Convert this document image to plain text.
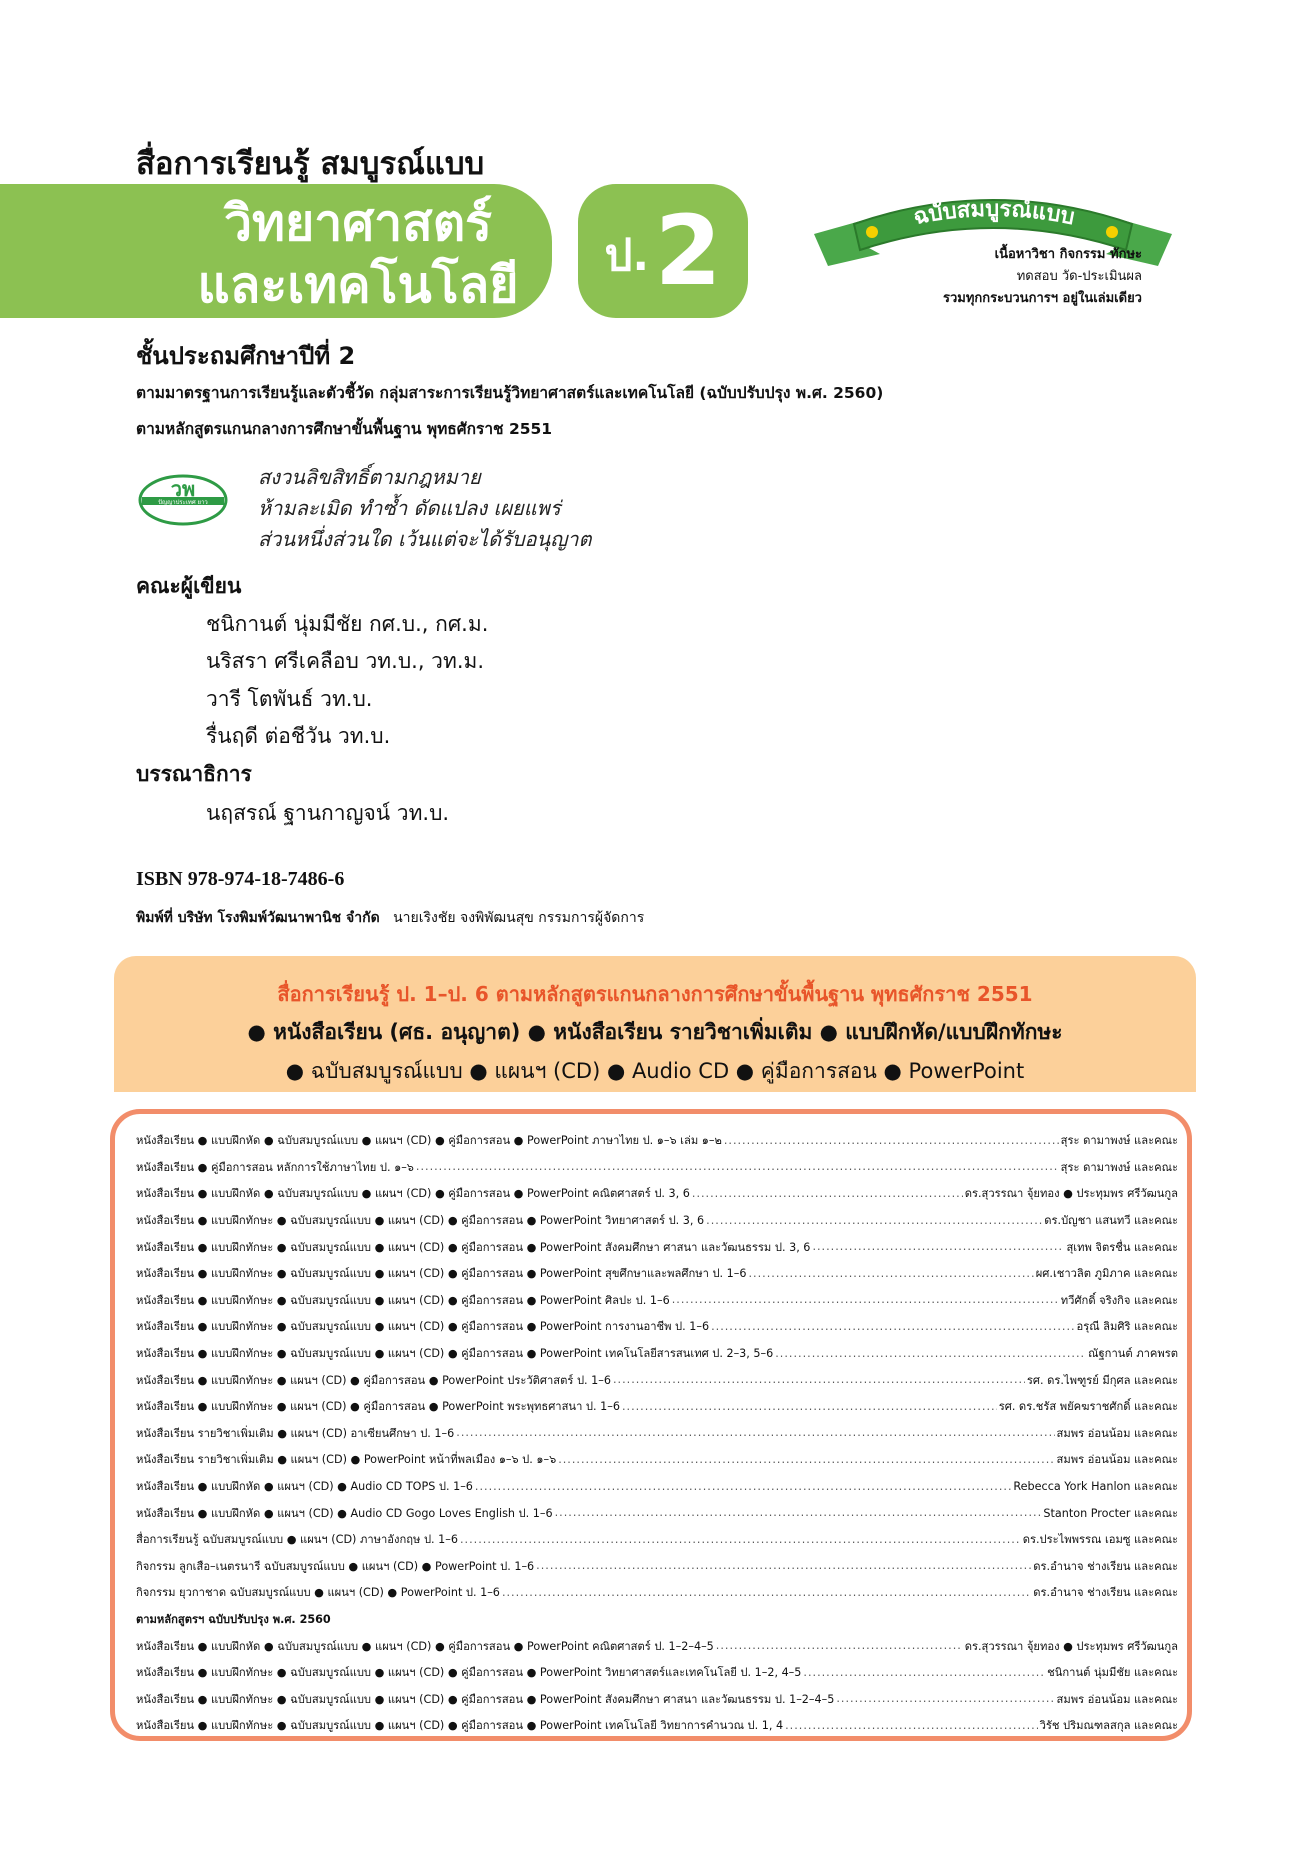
สื่อการเรียนรู้ สมบูรณ์แบบ
วิทยาศาสตร์
และเทคโนโลยี
ป. 2	ฉบับสมบูรณ์แบบ
เนื้อหาวิชา กิจกรรม ทักษะ
ทดสอบ วัด-ประเมินผล
รวมทุกกระบวนการฯ อยู่ในเล่มเดียว
ชั้นประถมศึกษาปีที่ 2
ตามมาตรฐานการเรียนรู้และตัวชี้วัด กลุ่มสาระการเรียนรู้วิทยาศาสตร์และเทคโนโลยี (ฉบับปรับปรุง พ.ศ. 2560)
ตามหลักสูตรแกนกลางการศึกษาขั้นพื้นฐาน พุทธศักราช 2551
วพ
ปัญญาประเทศ ยาว
สงวนลิขสิทธิ์ตามกฎหมาย
ห้ามละเมิด ทำซ้ำ ดัดแปลง เผยแพร่
ส่วนหนึ่งส่วนใด เว้นแต่จะได้รับอนุญาต
คณะผู้เขียน
ชนิกานต์ นุ่มมีชัย กศ.บ., กศ.ม.
นริสรา ศรีเคลือบ วท.บ., วท.ม.
วารี โตพันธ์ วท.บ.
รื่นฤดี ต่อชีวัน วท.บ.
บรรณาธิการ
นฤสรณ์ ฐานกาญจน์ วท.บ.
ISBN 978-974-18-7486-6
พิมพ์ที่ บริษัท โรงพิมพ์วัฒนาพานิช จำกัด นายเริงชัย จงพิพัฒนสุข กรรมการผู้จัดการ
สื่อการเรียนรู้ ป. 1–ป. 6 ตามหลักสูตรแกนกลางการศึกษาขั้นพื้นฐาน พุทธศักราช 2551
● หนังสือเรียน (ศธ. อนุญาต) ● หนังสือเรียน รายวิชาเพิ่มเติม ● แบบฝึกหัด/แบบฝึกทักษะ
● ฉบับสมบูรณ์แบบ ● แผนฯ (CD) ● Audio CD ● คู่มือการสอน ● PowerPoint
หนังสือเรียน ● แบบฝึกหัด ● ฉบับสมบูรณ์แบบ ● แผนฯ (CD) ● คู่มือการสอน ● PowerPoint ภาษาไทย ป. ๑–๖ เล่ม ๑–๒ .....	สุระ ดามาพงษ์ และคณะ
หนังสือเรียน ● คู่มือการสอน หลักการใช้ภาษาไทย ป. ๑–๖ .....	สุระ ดามาพงษ์ และคณะ
หนังสือเรียน ● แบบฝึกหัด ● ฉบับสมบูรณ์แบบ ● แผนฯ (CD) ● คู่มือการสอน ● PowerPoint คณิตศาสตร์ ป. 3, 6 .....	ดร.สุวรรณา จุ้ยทอง ● ประทุมพร ศรีวัฒนกูล
หนังสือเรียน ● แบบฝึกทักษะ ● ฉบับสมบูรณ์แบบ ● แผนฯ (CD) ● คู่มือการสอน ● PowerPoint วิทยาศาสตร์ ป. 3, 6 .....	ดร.บัญชา แสนทวี และคณะ
หนังสือเรียน ● แบบฝึกทักษะ ● ฉบับสมบูรณ์แบบ ● แผนฯ (CD) ● คู่มือการสอน ● PowerPoint สังคมศึกษา ศาสนา และวัฒนธรรม ป. 3, 6 .....	สุเทพ จิตรชื่น และคณะ
หนังสือเรียน ● แบบฝึกทักษะ ● ฉบับสมบูรณ์แบบ ● แผนฯ (CD) ● คู่มือการสอน ● PowerPoint สุขศึกษาและพลศึกษา ป. 1–6 .....	ผศ.เชาวลิต ภูมิภาค และคณะ
หนังสือเรียน ● แบบฝึกทักษะ ● ฉบับสมบูรณ์แบบ ● แผนฯ (CD) ● คู่มือการสอน ● PowerPoint ศิลปะ ป. 1–6 .....	ทวีศักดิ์ จริงกิจ และคณะ
หนังสือเรียน ● แบบฝึกทักษะ ● ฉบับสมบูรณ์แบบ ● แผนฯ (CD) ● คู่มือการสอน ● PowerPoint การงานอาชีพ ป. 1–6 .....	อรุณี ลิมศิริ และคณะ
หนังสือเรียน ● แบบฝึกทักษะ ● ฉบับสมบูรณ์แบบ ● แผนฯ (CD) ● คู่มือการสอน ● PowerPoint เทคโนโลยีสารสนเทศ ป. 2–3, 5–6 .....	ณัฐกานต์ ภาคพรต
หนังสือเรียน ● แบบฝึกทักษะ ● แผนฯ (CD) ● คู่มือการสอน ● PowerPoint ประวัติศาสตร์ ป. 1–6 .....	รศ. ดร.ไพฑูรย์ มีกุศล และคณะ
หนังสือเรียน ● แบบฝึกทักษะ ● แผนฯ (CD) ● คู่มือการสอน ● PowerPoint พระพุทธศาสนา ป. 1–6 .....	รศ. ดร.ชรัส พยัคฆราชศักดิ์ และคณะ
หนังสือเรียน รายวิชาเพิ่มเติม ● แผนฯ (CD) อาเซียนศึกษา ป. 1–6 .....	สมพร อ่อนน้อม และคณะ
หนังสือเรียน รายวิชาเพิ่มเติม ● แผนฯ (CD) ● PowerPoint หน้าที่พลเมือง ๑–๖ ป. ๑–๖ .....	สมพร อ่อนน้อม และคณะ
หนังสือเรียน ● แบบฝึกหัด ● แผนฯ (CD) ● Audio CD TOPS ป. 1–6 .....	Rebecca York Hanlon และคณะ
หนังสือเรียน ● แบบฝึกหัด ● แผนฯ (CD) ● Audio CD Gogo Loves English ป. 1–6 .....	Stanton Procter และคณะ
สื่อการเรียนรู้ ฉบับสมบูรณ์แบบ ● แผนฯ (CD) ภาษาอังกฤษ ป. 1–6 .....	ดร.ประไพพรรณ เอมซู และคณะ
กิจกรรม ลูกเสือ–เนตรนารี ฉบับสมบูรณ์แบบ ● แผนฯ (CD) ● PowerPoint ป. 1–6 .....	ดร.อำนาจ ช่างเรียน และคณะ
กิจกรรม ยุวกาชาด ฉบับสมบูรณ์แบบ ● แผนฯ (CD) ● PowerPoint ป. 1–6 .....	ดร.อำนาจ ช่างเรียน และคณะ
ตามหลักสูตรฯ ฉบับปรับปรุง พ.ศ. 2560
หนังสือเรียน ● แบบฝึกหัด ● ฉบับสมบูรณ์แบบ ● แผนฯ (CD) ● คู่มือการสอน ● PowerPoint คณิตศาสตร์ ป. 1–2–4–5 .....	ดร.สุวรรณา จุ้ยทอง ● ประทุมพร ศรีวัฒนกูล
หนังสือเรียน ● แบบฝึกทักษะ ● ฉบับสมบูรณ์แบบ ● แผนฯ (CD) ● คู่มือการสอน ● PowerPoint วิทยาศาสตร์และเทคโนโลยี ป. 1–2, 4–5 .....	ชนิกานต์ นุ่มมีชัย และคณะ
หนังสือเรียน ● แบบฝึกทักษะ ● ฉบับสมบูรณ์แบบ ● แผนฯ (CD) ● คู่มือการสอน ● PowerPoint สังคมศึกษา ศาสนา และวัฒนธรรม ป. 1–2–4–5 .....	สมพร อ่อนน้อม และคณะ
หนังสือเรียน ● แบบฝึกทักษะ ● ฉบับสมบูรณ์แบบ ● แผนฯ (CD) ● คู่มือการสอน ● PowerPoint เทคโนโลยี วิทยาการคำนวณ ป. 1, 4 .....	วิรัช ปริมณฑลสกุล และคณะ
